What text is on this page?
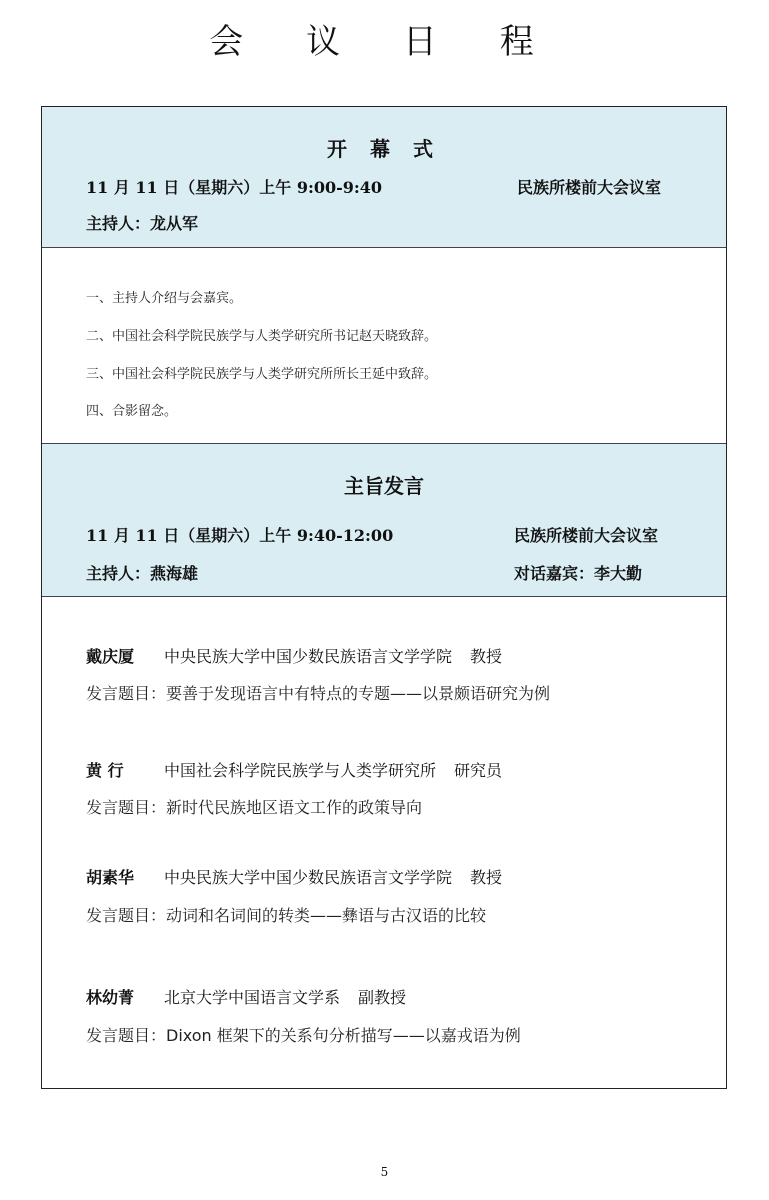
会 议 日 程
开 幕 式
11 月 11 日（星期六）上午 9:00-9:40	民族所楼前大会议室
主持人：龙从军
一、主持人介绍与会嘉宾。
二、中国社会科学院民族学与人类学研究所书记赵天晓致辞。
三、中国社会科学院民族学与人类学研究所所长王延中致辞。
四、合影留念。
主旨发言
11 月 11 日（星期六）上午 9:40-12:00	民族所楼前大会议室
主持人：燕海雄	对话嘉宾：李大勤
戴庆厦 中央民族大学中国少数民族语言文学学院 教授
发言题目：要善于发现语言中有特点的专题——以景颇语研究为例
黄 行	中国社会科学院民族学与人类学研究所 研究员
发言题目：新时代民族地区语文工作的政策导向
胡素华 中央民族大学中国少数民族语言文学学院 教授
发言题目：动词和名词间的转类——彝语与古汉语的比较
林幼菁 北京大学中国语言文学系 副教授
发言题目：Dixon 框架下的关系句分析描写——以嘉戎语为例
5
